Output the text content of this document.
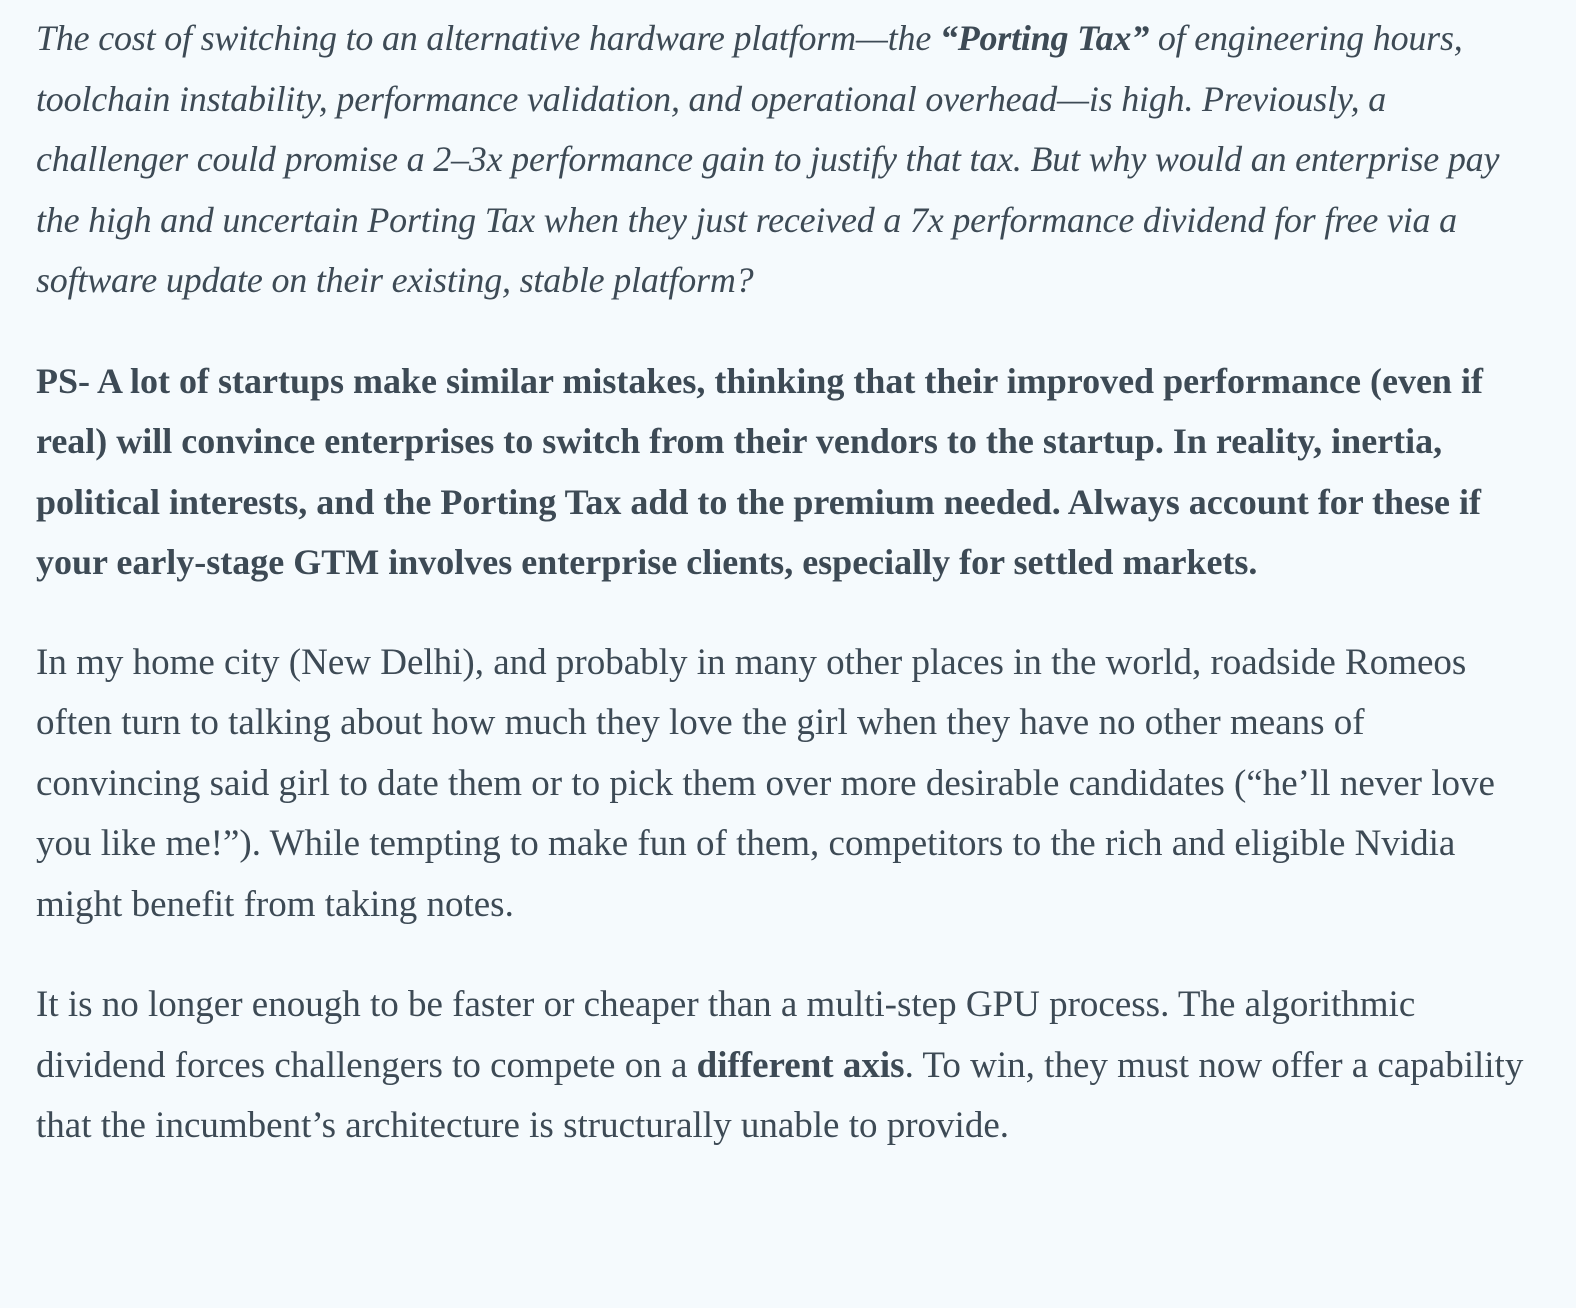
The cost of switching to an alternative hardware platform—the “Porting Tax” of engineering hours, toolchain instability, performance validation, and operational overhead—is high. Previously, a challenger could promise a 2–3x performance gain to justify that tax. But why would an enterprise pay the high and uncertain Porting Tax when they just received a 7x performance dividend for free via a software update on their existing, stable platform?

PS- A lot of startups make similar mistakes, thinking that their improved performance (even if real) will convince enterprises to switch from their vendors to the startup. In reality, inertia, political interests, and the Porting Tax add to the premium needed. Always account for these if your early-stage GTM involves enterprise clients, especially for settled markets.

In my home city (New Delhi), and probably in many other places in the world, roadside Romeos often turn to talking about how much they love the girl when they have no other means of convincing said girl to date them or to pick them over more desirable candidates (“he’ll never love you like me!”). While tempting to make fun of them, competitors to the rich and eligible Nvidia might benefit from taking notes.

It is no longer enough to be faster or cheaper than a multi-step GPU process. The algorithmic dividend forces challengers to compete on a different axis. To win, they must now offer a capability that the incumbent’s architecture is structurally unable to provide.
